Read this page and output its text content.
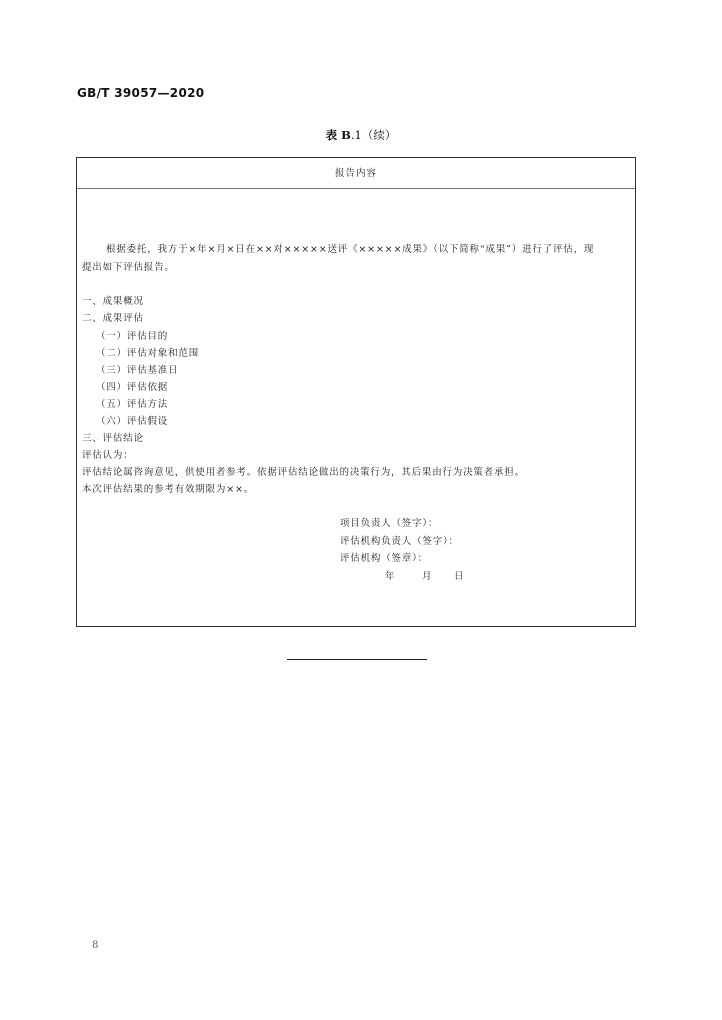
GB/T 39057—2020
表 B.1（续）
报告内容
根据委托，我方于×年×月×日在××对×××××送评《×××××成果》（以下简称“成果”）进行了评估，现
提出如下评估报告。
一、成果概况
二、成果评估
（一）评估目的
（二）评估对象和范围
（三）评估基准日
（四）评估依据
（五）评估方法
（六）评估假设
三、评估结论
评估认为：
评估结论属咨询意见，供使用者参考。依据评估结论做出的决策行为，其后果由行为决策者承担。
本次评估结果的参考有效期限为××。
项目负责人（签字）：
评估机构负责人（签字）：
评估机构（签章）：
年	月 日
8
